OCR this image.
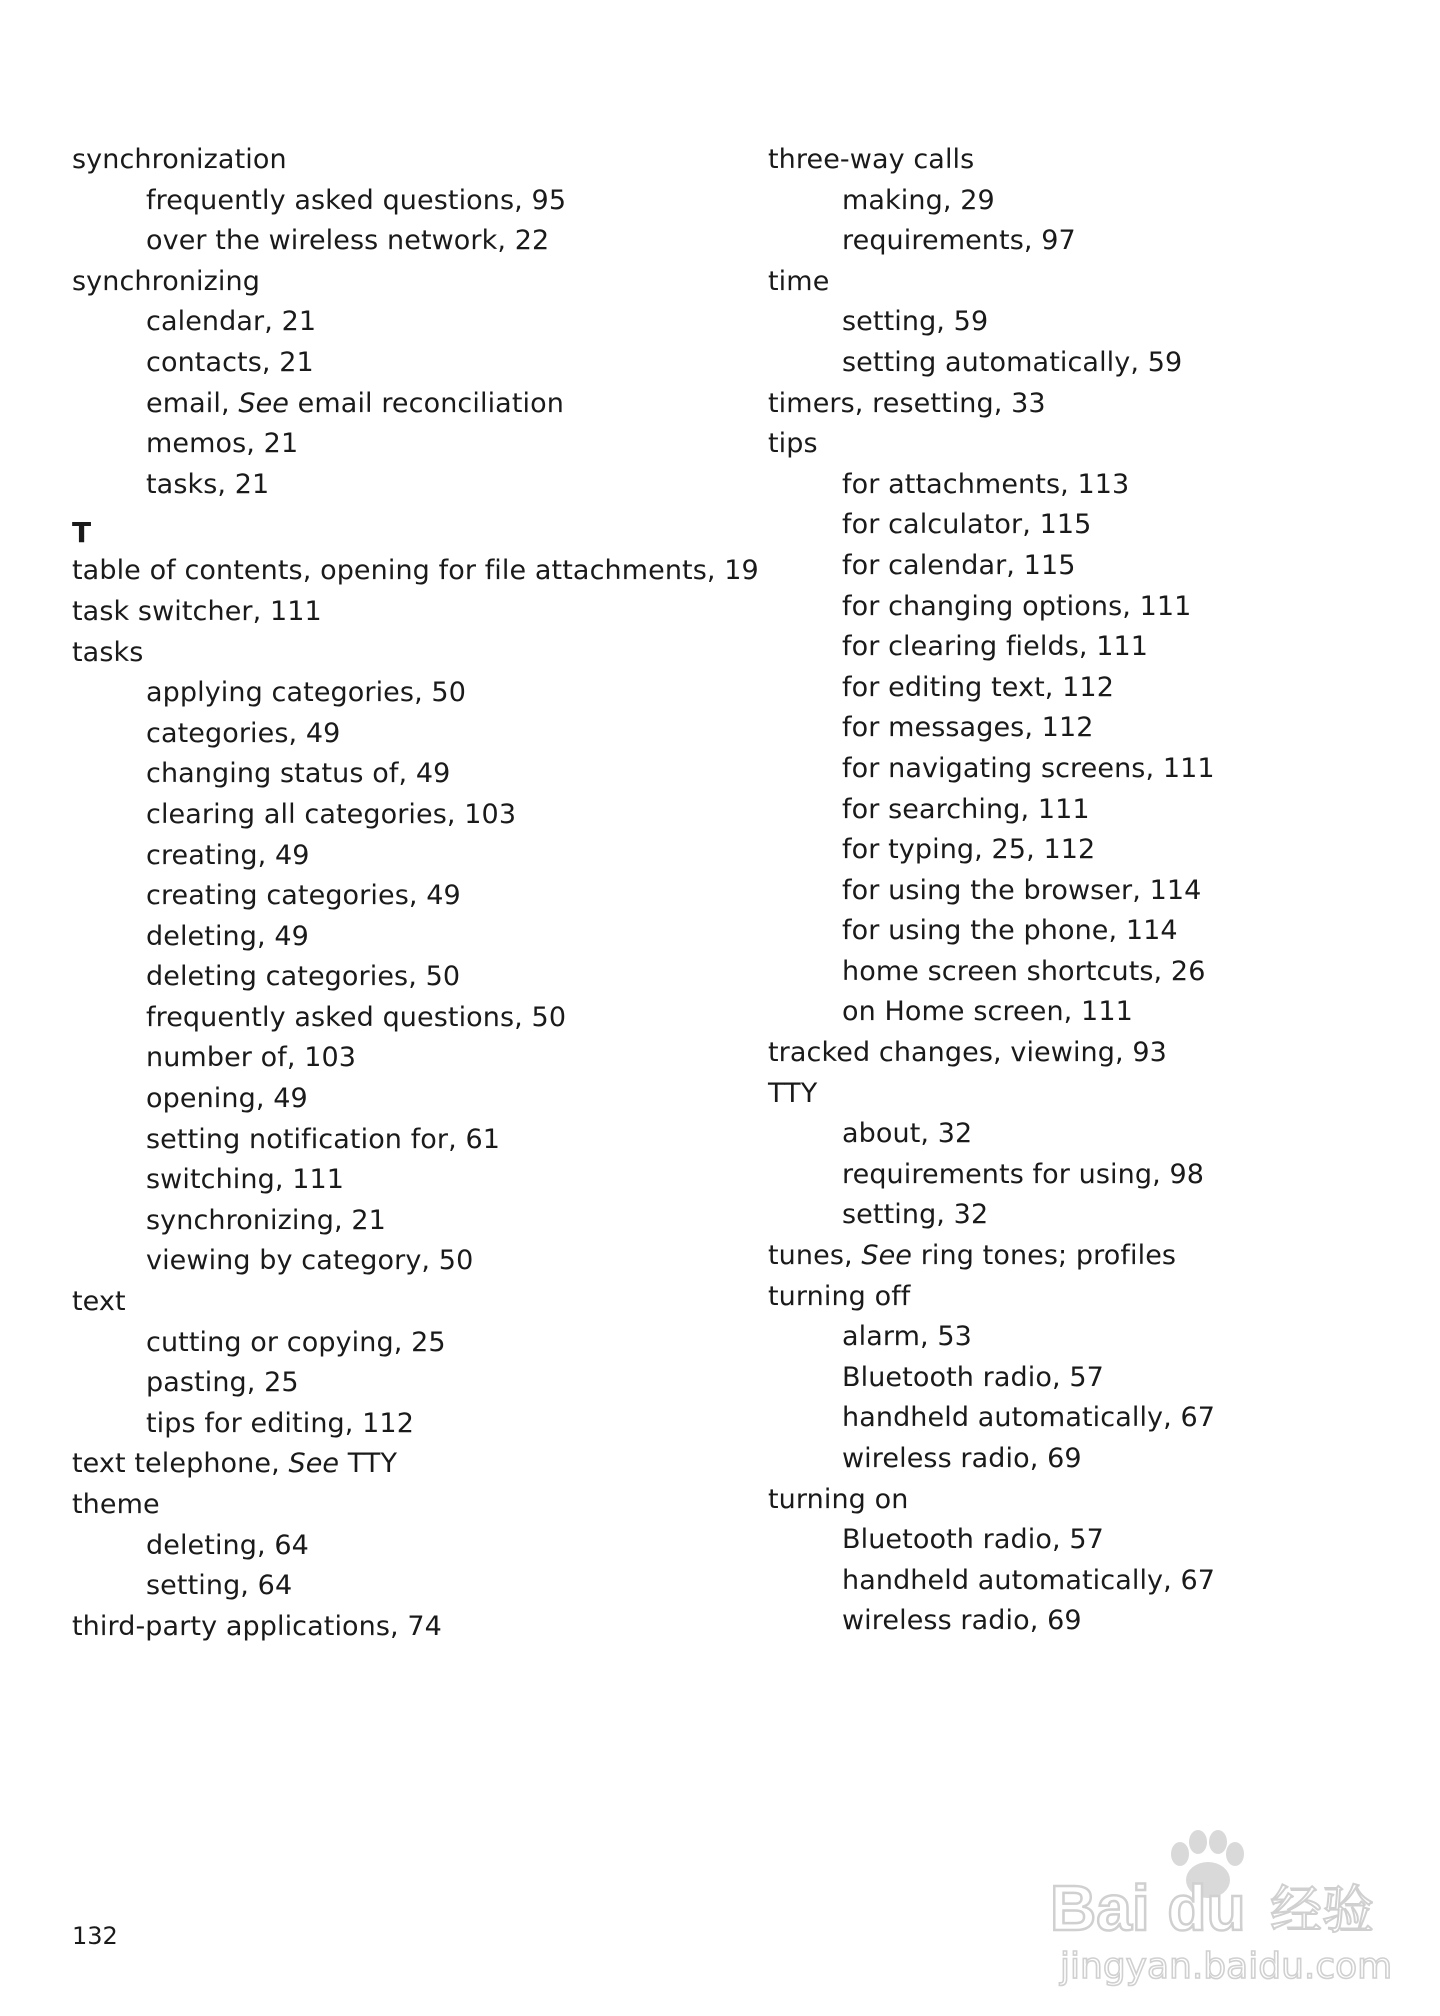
synchronization
frequently asked questions, 95
over the wireless network, 22
synchronizing
calendar, 21
contacts, 21
email, See email reconciliation
memos, 21
tasks, 21
T
table of contents, opening for file attachments, 19
task switcher, 111
tasks
applying categories, 50
categories, 49
changing status of, 49
clearing all categories, 103
creating, 49
creating categories, 49
deleting, 49
deleting categories, 50
frequently asked questions, 50
number of, 103
opening, 49
setting notification for, 61
switching, 111
synchronizing, 21
viewing by category, 50
text
cutting or copying, 25
pasting, 25
tips for editing, 112
text telephone, See TTY
theme
deleting, 64
setting, 64
third-party applications, 74
three-way calls
making, 29
requirements, 97
time
setting, 59
setting automatically, 59
timers, resetting, 33
tips
for attachments, 113
for calculator, 115
for calendar, 115
for changing options, 111
for clearing fields, 111
for editing text, 112
for messages, 112
for navigating screens, 111
for searching, 111
for typing, 25, 112
for using the browser, 114
for using the phone, 114
home screen shortcuts, 26
on Home screen, 111
tracked changes, viewing, 93
TTY
about, 32
requirements for using, 98
setting, 32
tunes, See ring tones; profiles
turning off
alarm, 53
Bluetooth radio, 57
handheld automatically, 67
wireless radio, 69
turning on
Bluetooth radio, 57
handheld automatically, 67
wireless radio, 69
132	Bai du 经验
jingyan.baidu.com
